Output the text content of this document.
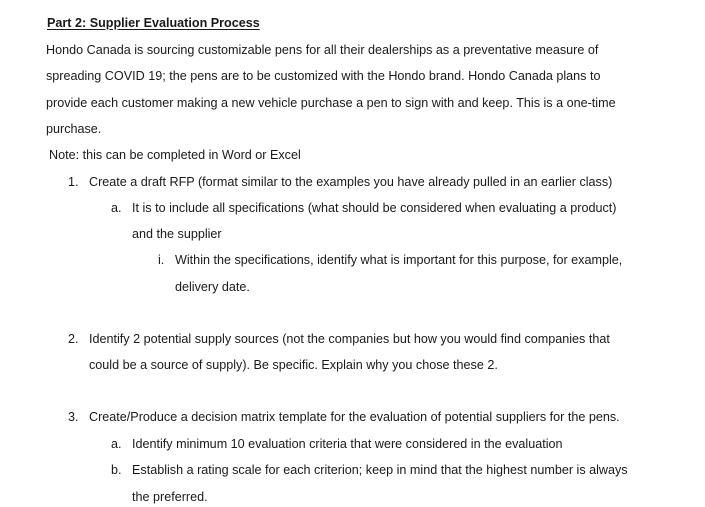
Part 2: Supplier Evaluation Process
Hondo Canada is sourcing customizable pens for all their dealerships as a preventative measure of
spreading COVID 19; the pens are to be customized with the Hondo brand. Hondo Canada plans to
provide each customer making a new vehicle purchase a pen to sign with and keep. This is a one-time
purchase.
Note: this can be completed in Word or Excel
1. Create a draft RFP (format similar to the examples you have already pulled in an earlier class)
a. It is to include all specifications (what should be considered when evaluating a product)
and the supplier
i. Within the specifications, identify what is important for this purpose, for example,
delivery date.
2. Identify 2 potential supply sources (not the companies but how you would find companies that
could be a source of supply). Be specific. Explain why you chose these 2.
3. Create/Produce a decision matrix template for the evaluation of potential suppliers for the pens.
a. Identify minimum 10 evaluation criteria that were considered in the evaluation
b. Establish a rating scale for each criterion; keep in mind that the highest number is always
the preferred.
